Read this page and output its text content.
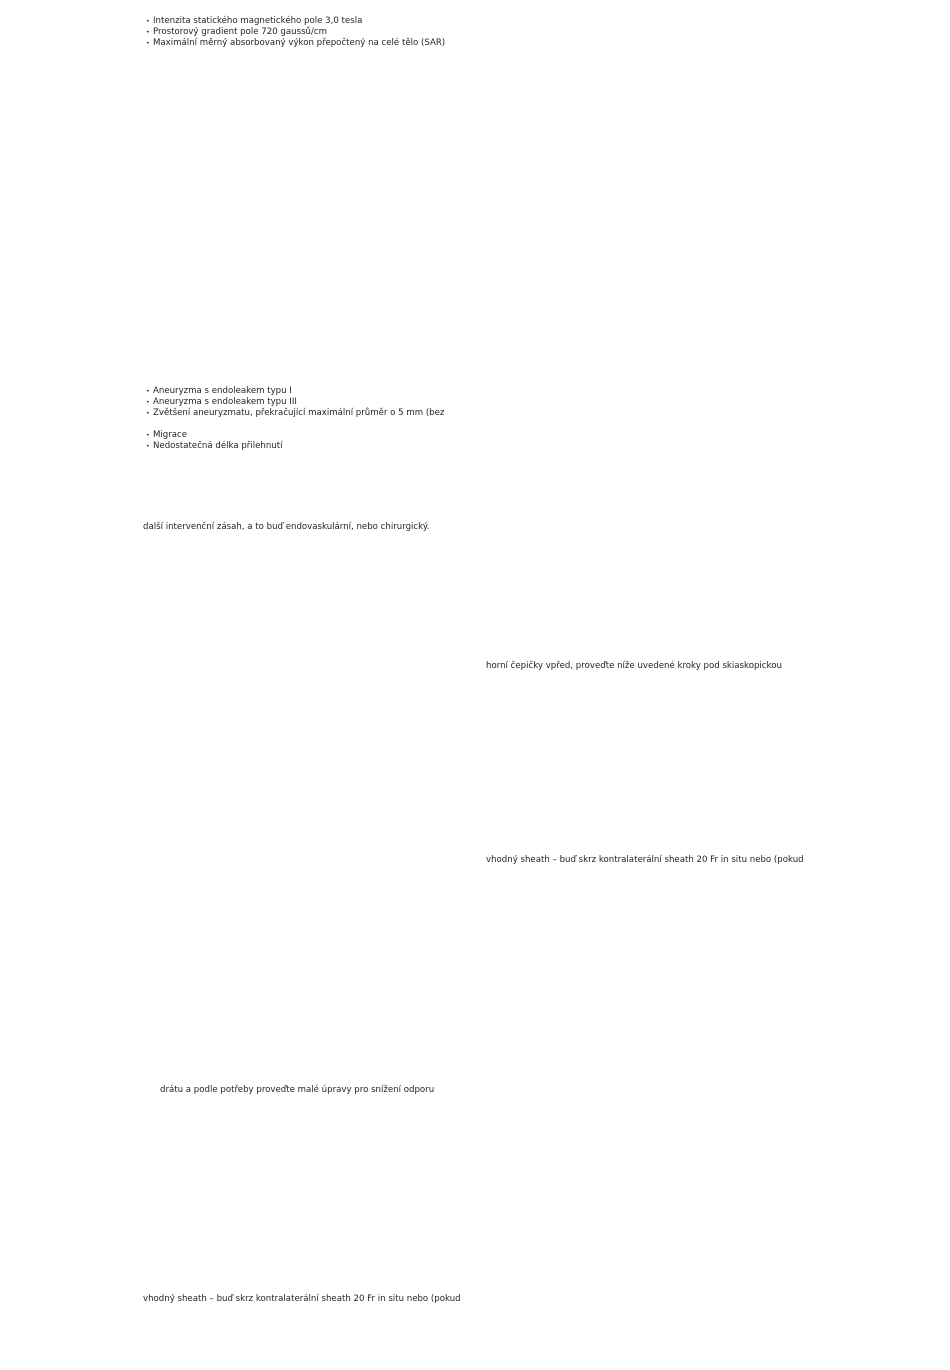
• Intenzita statického magnetického pole 3,0 tesla
• Prostorový gradient pole 720 gaussů/cm
• Maximální měrný absorbovaný výkon přepočtený na celé tělo (SAR)
• Aneuryzma s endoleakem typu I
• Aneuryzma s endoleakem typu III
• Zvětšení aneuryzmatu, překračující maximální průměr o 5 mm (bez
• Migrace
• Nedostatečná délka přilehnutí

další intervenční zásah, a to buď endovaskulární, nebo chirurgický.

horní čepičky vpřed, proveďte níže uvedené kroky pod skiaskopickou

vhodný sheath – buď skrz kontralaterální sheath 20 Fr in situ nebo (pokud

drátu a podle potřeby proveďte malé úpravy pro snížení odporu

vhodný sheath – buď skrz kontralaterální sheath 20 Fr in situ nebo (pokud
